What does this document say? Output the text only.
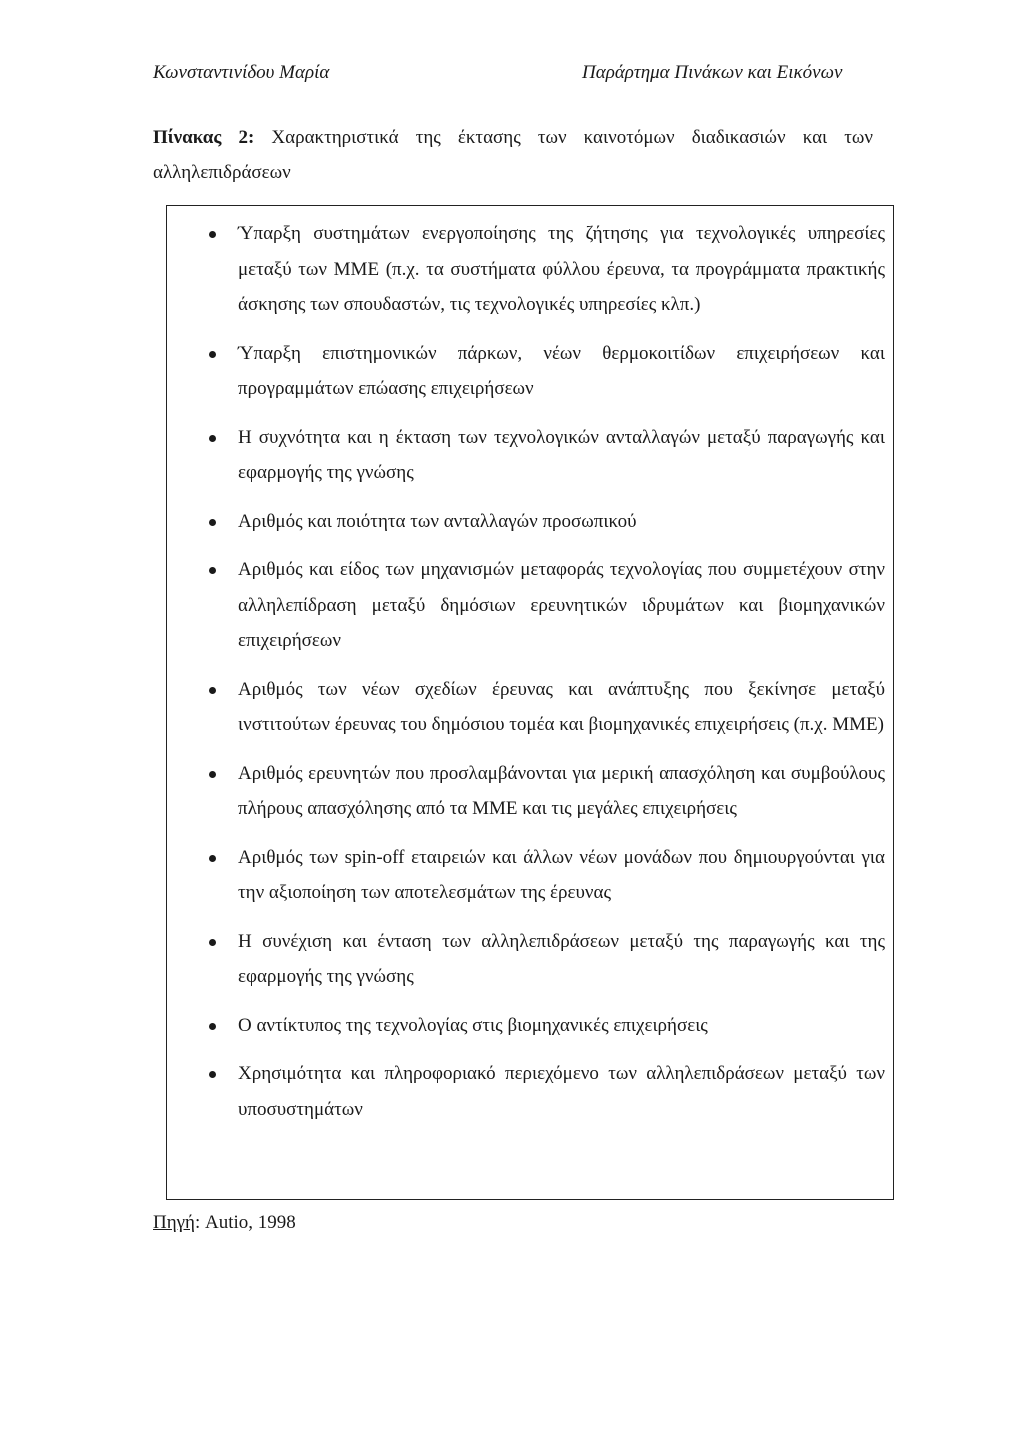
Κωνσταντινίδου Μαρία	Παράρτημα Πινάκων και Εικόνων
Πίνακας 2: Χαρακτηριστικά της έκτασης των καινοτόμων διαδικασιών και των αλληλεπιδράσεων
Ύπαρξη συστημάτων ενεργοποίησης της ζήτησης για τεχνολογικές υπηρεσίες μεταξύ των ΜΜΕ (π.χ. τα συστήματα φύλλου έρευνα, τα προγράμματα πρακτικής άσκησης των σπουδαστών, τις τεχνολογικές υπηρεσίες κλπ.)
Ύπαρξη επιστημονικών πάρκων, νέων θερμοκοιτίδων επιχειρήσεων και προγραμμάτων επώασης επιχειρήσεων
Η συχνότητα και η έκταση των τεχνολογικών ανταλλαγών μεταξύ παραγωγής και εφαρμογής της γνώσης
Αριθμός και ποιότητα των ανταλλαγών προσωπικού
Αριθμός και είδος των μηχανισμών μεταφοράς τεχνολογίας που συμμετέχουν στην αλληλεπίδραση μεταξύ δημόσιων ερευνητικών ιδρυμάτων και βιομηχανικών επιχειρήσεων
Αριθμός των νέων σχεδίων έρευνας και ανάπτυξης που ξεκίνησε μεταξύ ινστιτούτων έρευνας του δημόσιου τομέα και βιομηχανικές επιχειρήσεις (π.χ. ΜΜΕ)
Αριθμός ερευνητών που προσλαμβάνονται για μερική απασχόληση και συμβούλους πλήρους απασχόλησης από τα ΜΜΕ και τις μεγάλες επιχειρήσεις
Αριθμός των spin-off εταιρειών και άλλων νέων μονάδων που δημιουργούνται για την αξιοποίηση των αποτελεσμάτων της έρευνας
Η συνέχιση και ένταση των αλληλεπιδράσεων μεταξύ της παραγωγής και της εφαρμογής της γνώσης
Ο αντίκτυπος της τεχνολογίας στις βιομηχανικές επιχειρήσεις
Χρησιμότητα και πληροφοριακό περιεχόμενο των αλληλεπιδράσεων μεταξύ των υποσυστημάτων
Πηγή: Autio, 1998
